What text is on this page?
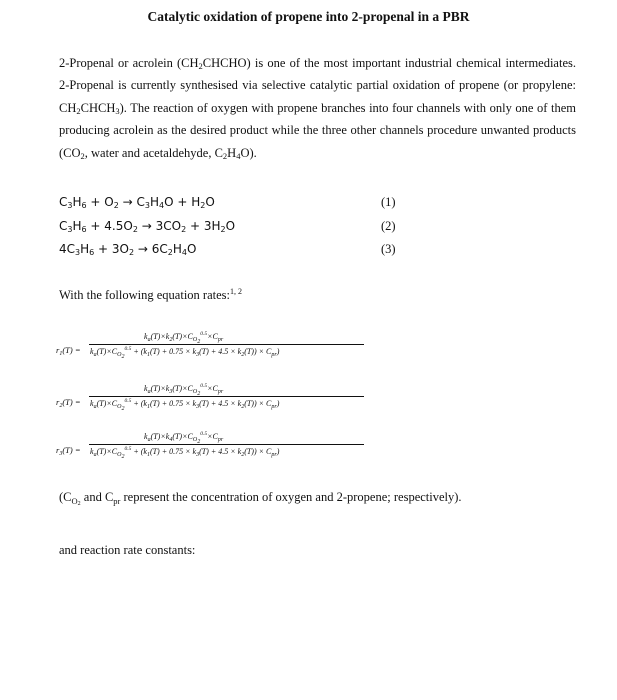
Catalytic oxidation of propene into 2-propenal in a PBR
2-Propenal or acrolein $(CH_2CHCHO)$ is one of the most important industrial chemical intermediates. 2-Propenal is currently synthesised via selective catalytic partial oxidation of propene (or propylene: $CH_2CHCH_3$). The reaction of oxygen with propene branches into four channels with only one of them producing acrolein as the desired product while the three other channels procedure unwanted products ($CO_2$, water and acetaldehyde, $C_2H_4O$).
$C_3H_6 + O_2 \to C_3H_4O + H_2O$	(1)
$C_3H_6 + 4.5O_2 \to 3CO_2 + 3H_2O$	(2)
$4C_3H_6 + 3O_2 \to 6C_2H_4O$	(3)
With the following equation rates:$^{1, 2}$
$r_1(T)$ =
$k_a(T)\times k_2(T)\times C_{O_2}^{0.5}\times C_{pr}$
$k_a(T)\times C_{O_2}^{0.5} + (k_1(T) + 0.75 \times k_3(T) + 4.5 \times k_2(T)) \times C_{pr}$)
$r_2(T)$ =
$k_a(T)\times k_3(T)\times C_{O_2}^{0.5}\times C_{pr}$
$k_a(T)\times C_{O_2}^{0.5} + (k_1(T) + 0.75 \times k_3(T) + 4.5 \times k_2(T)) \times C_{pr}$)
$r_3(T)$ =
$k_a(T)\times k_4(T)\times C_{O_2}^{0.5}\times C_{pr}$
$k_a(T)\times C_{O_2}^{0.5} + (k_1(T) + 0.75 \times k_3(T) + 4.5 \times k_2(T)) \times C_{pr}$)
($C_{O_2}$ and $C_{pr}$ represent the concentration of oxygen and 2-propene; respectively).
and reaction rate constants:
